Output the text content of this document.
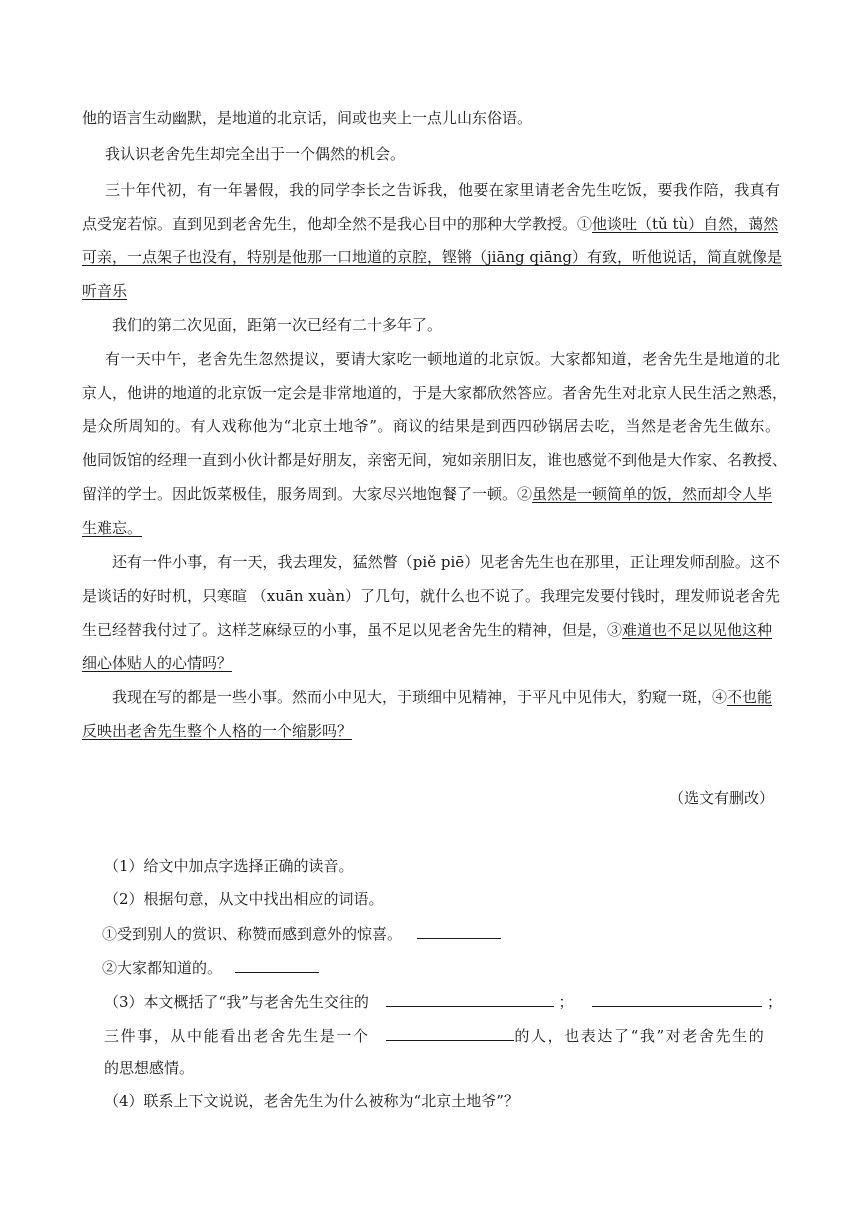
他的语言生动幽默，是地道的北京话，间或也夹上一点儿山东俗语。
我认识老舍先生却完全出于一个偶然的机会。
三十年代初，有一年暑假，我的同学李长之告诉我，他要在家里请老舍先生吃饭，要我作陪，我真有
点受宠若惊。直到见到老舍先生，他却全然不是我心目中的那种大学教授。①他谈吐（tǔ tù）自然，蔼然
可亲，一点架子也没有，特别是他那一口地道的京腔，铿锵（jiāng qiāng）有致，听他说话，简直就像是
听音乐
我们的第二次见面，距第一次已经有二十多年了。
有一天中午，老舍先生忽然提议，要请大家吃一顿地道的北京饭。大家都知道，老舍先生是地道的北
京人，他讲的地道的北京饭一定会是非常地道的，于是大家都欣然答应。者舍先生对北京人民生活之熟悉，
是众所周知的。有人戏称他为“北京土地爷”。商议的结果是到西四砂锅居去吃，当然是老舍先生做东。
他同饭馆的经理一直到小伙计都是好朋友，亲密无间，宛如亲朋旧友，谁也感觉不到他是大作家、名教授、
留洋的学士。因此饭菜极佳，服务周到。大家尽兴地饱餐了一顿。②虽然是一顿简单的饭，然而却令人毕
生难忘。
还有一件小事，有一天，我去理发，猛然瞥（piě piē）见老舍先生也在那里，正让理发师刮脸。这不
是谈话的好时机，只寒暄 （xuān xuàn）了几句，就什么也不说了。我理完发要付钱时，理发师说老舍先
生已经替我付过了。这样芝麻绿豆的小事，虽不足以见老舍先生的精神，但是，③难道也不足以见他这种
细心体贴人的心情吗？
我现在写的都是一些小事。然而小中见大，于琐细中见精神，于平凡中见伟大，豹窥一斑，④不也能
反映出老舍先生整个人格的一个缩影吗？
（选文有删改）
（1）给文中加点字选择正确的读音。
（2）根据句意，从文中找出相应的词语。
①受到别人的赏识、称赞而感到意外的惊喜。
②大家都知道的。
（3）本文概括了“我”与老舍先生交往的	；	；
三件事，从中能看出老舍先生是一个	的人，也表达了“我”对老舍先生的
的思想感情。
（4）联系上下文说说，老舍先生为什么被称为“北京土地爷”？
